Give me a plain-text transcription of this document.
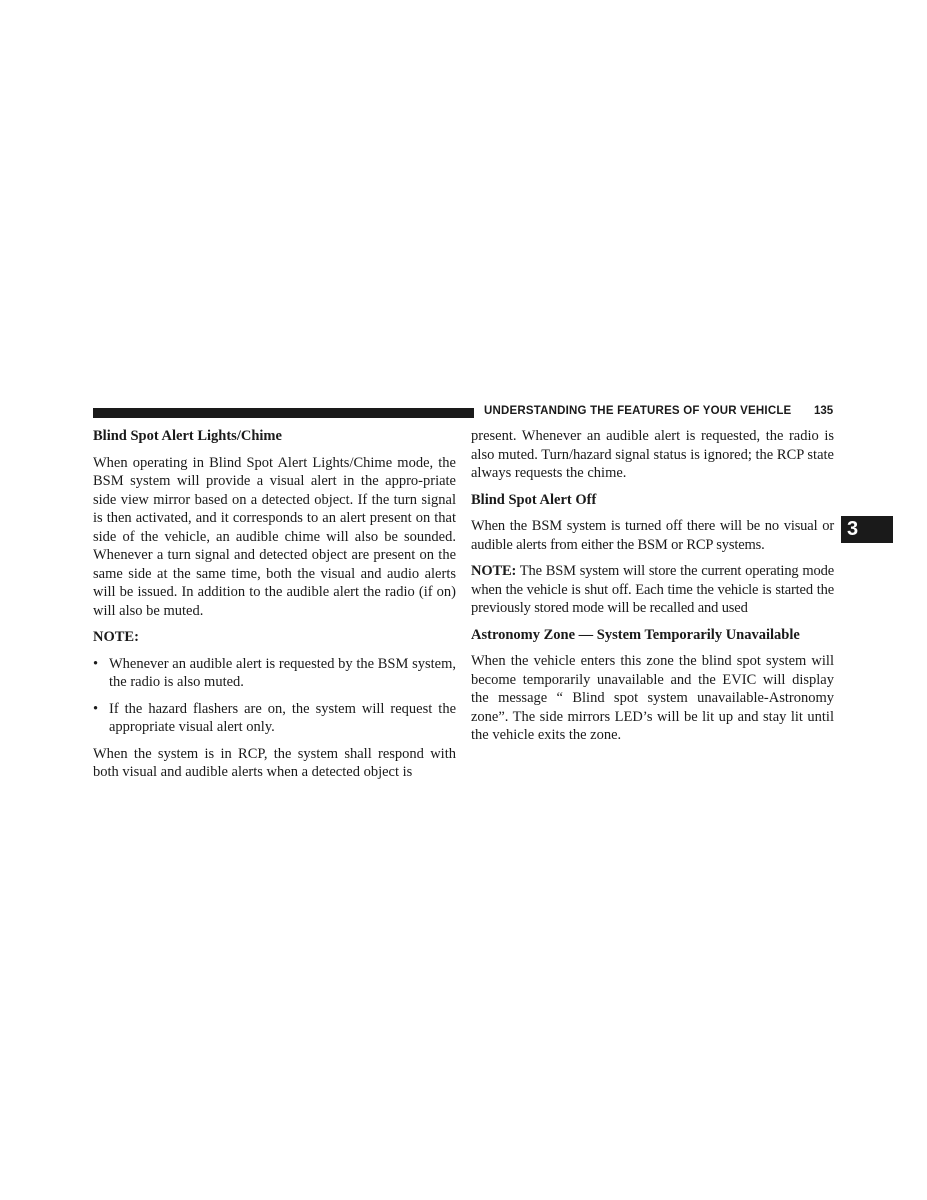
UNDERSTANDING THE FEATURES OF YOUR VEHICLE 135
3
Blind Spot Alert Lights/Chime

When operating in Blind Spot Alert Lights/Chime mode, the BSM system will provide a visual alert in the appro-priate side view mirror based on a detected object. If the turn signal is then activated, and it corresponds to an alert present on that side of the vehicle, an audible chime will also be sounded. Whenever a turn signal and detected object are present on the same side at the same time, both the visual and audio alerts will be issued. In addition to the audible alert the radio (if on) will also be muted.

NOTE:
• Whenever an audible alert is requested by the BSM system, the radio is also muted.
• If the hazard flashers are on, the system will request the appropriate visual alert only.

When the system is in RCP, the system shall respond with both visual and audible alerts when a detected object is

present. Whenever an audible alert is requested, the radio is also muted. Turn/hazard signal status is ignored; the RCP state always requests the chime.

Blind Spot Alert Off

When the BSM system is turned off there will be no visual or audible alerts from either the BSM or RCP systems.

NOTE: The BSM system will store the current operating mode when the vehicle is shut off. Each time the vehicle is started the previously stored mode will be recalled and used

Astronomy Zone — System Temporarily Unavailable

When the vehicle enters this zone the blind spot system will become temporarily unavailable and the EVIC will display the message “ Blind spot system unavailable-Astronomy zone”. The side mirrors LED’s will be lit up and stay lit until the vehicle exits the zone.
